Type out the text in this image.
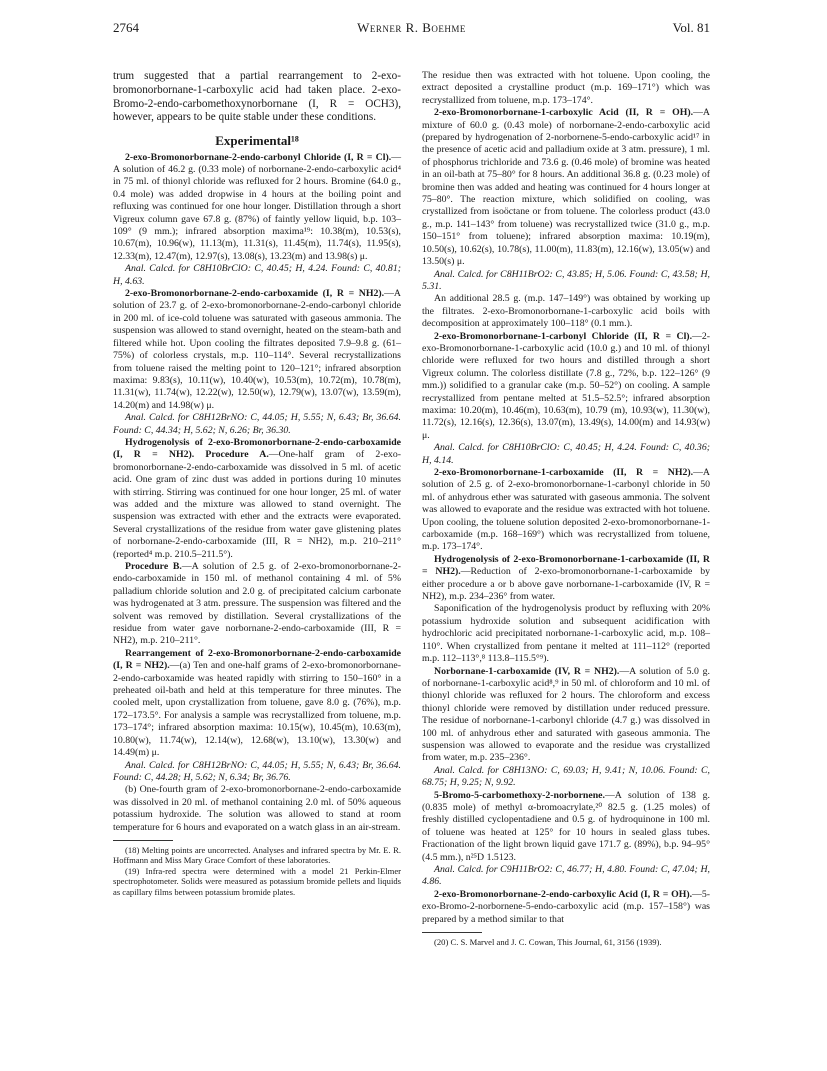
2764	Werner R. Boehme	Vol. 81

trum suggested that a partial rearrangement to 2-exo-bromonorbornane-1-carboxylic acid had taken place. 2-exo-Bromo-2-endo-carbomethoxynorbornane (I, R = OCH3), however, appears to be quite stable under these conditions.

Experimental¹⁸

2-exo-Bromonorbornane-2-endo-carbonyl Chloride (I, R = Cl).—A solution of 46.2 g. (0.33 mole) of norbornane-2-endo-carboxylic acid⁴ in 75 ml. of thionyl chloride was refluxed for 2 hours. Bromine (64.0 g., 0.4 mole) was added dropwise in 4 hours at the boiling point and refluxing was continued for one hour longer. Distillation through a short Vigreux column gave 67.8 g. (87%) of faintly yellow liquid, b.p. 103–109° (9 mm.); infrared absorption maxima¹⁹: 10.38(m), 10.53(s), 10.67(m), 10.96(w), 11.13(m), 11.31(s), 11.45(m), 11.74(s), 11.95(s), 12.33(m), 12.47(m), 12.97(s), 13.08(s), 13.23(m) and 13.98(s) μ.

Anal. Calcd. for C8H10BrClO: C, 40.45; H, 4.24. Found: C, 40.81; H, 4.63.

2-exo-Bromonorbornane-2-endo-carboxamide (I, R = NH2).—A solution of 23.7 g. of 2-exo-bromonorbornane-2-endo-carbonyl chloride in 200 ml. of ice-cold toluene was saturated with gaseous ammonia. The suspension was allowed to stand overnight, heated on the steam-bath and filtered while hot. Upon cooling the filtrates deposited 7.9–9.8 g. (61–75%) of colorless crystals, m.p. 110–114°. Several recrystallizations from toluene raised the melting point to 120–121°; infrared absorption maxima: 9.83(s), 10.11(w), 10.40(w), 10.53(m), 10.72(m), 10.78(m), 11.31(w), 11.74(w), 12.22(w), 12.50(w), 12.79(w), 13.07(w), 13.59(m), 14.20(m) and 14.98(w) μ.

Anal. Calcd. for C8H12BrNO: C, 44.05; H, 5.55; N, 6.43; Br, 36.64. Found: C, 44.34; H, 5.62; N, 6.26; Br, 36.30.

Hydrogenolysis of 2-exo-Bromonorbornane-2-endo-carboxamide (I, R = NH2). Procedure A.—One-half gram of 2-exo-bromonorbornane-2-endo-carboxamide was dissolved in 5 ml. of acetic acid. One gram of zinc dust was added in portions during 10 minutes with stirring. Stirring was continued for one hour longer, 25 ml. of water was added and the mixture was allowed to stand overnight. The suspension was extracted with ether and the extracts were evaporated. Several crystallizations of the residue from water gave glistening plates of norbornane-2-endo-carboxamide (III, R = NH2), m.p. 210–211° (reported⁴ m.p. 210.5–211.5°).

Procedure B.—A solution of 2.5 g. of 2-exo-bromonorbornane-2-endo-carboxamide in 150 ml. of methanol containing 4 ml. of 5% palladium chloride solution and 2.0 g. of precipitated calcium carbonate was hydrogenated at 3 atm. pressure. The suspension was filtered and the solvent was removed by distillation. Several crystallizations of the residue from water gave norbornane-2-endo-carboxamide (III, R = NH2), m.p. 210–211°.

Rearrangement of 2-exo-Bromonorbornane-2-endo-carboxamide (I, R = NH2).—(a) Ten and one-half grams of 2-exo-bromonorbornane-2-endo-carboxamide was heated rapidly with stirring to 150–160° in a preheated oil-bath and held at this temperature for three minutes. The cooled melt, upon crystallization from toluene, gave 8.0 g. (76%), m.p. 172–173.5°. For analysis a sample was recrystallized from toluene, m.p. 173–174°; infrared absorption maxima: 10.15(w), 10.45(m), 10.63(m), 10.80(w), 11.74(w), 12.14(w), 12.68(w), 13.10(w), 13.30(w) and 14.49(m) μ.

Anal. Calcd. for C8H12BrNO: C, 44.05; H, 5.55; N, 6.43; Br, 36.64. Found: C, 44.28; H, 5.62; N, 6.34; Br, 36.76.

(b) One-fourth gram of 2-exo-bromonorbornane-2-endo-carboxamide was dissolved in 20 ml. of methanol containing 2.0 ml. of 50% aqueous potassium hydroxide. The solution was allowed to stand at room temperature for 6 hours and evaporated on a watch glass in an air-stream.

(18) Melting points are uncorrected. Analyses and infrared spectra by Mr. E. R. Hoffmann and Miss Mary Grace Comfort of these laboratories.

(19) Infra-red spectra were determined with a model 21 Perkin-Elmer spectrophotometer. Solids were measured as potassium bromide pellets and liquids as capillary films between potassium bromide plates.

The residue then was extracted with hot toluene. Upon cooling, the extract deposited a crystalline product (m.p. 169–171°) which was recrystallized from toluene, m.p. 173–174°.

2-exo-Bromonorbornane-1-carboxylic Acid (II, R = OH).—A mixture of 60.0 g. (0.43 mole) of norbornane-2-endo-carboxylic acid (prepared by hydrogenation of 2-norbornene-5-endo-carboxylic acid¹⁷ in the presence of acetic acid and palladium oxide at 3 atm. pressure), 1 ml. of phosphorus trichloride and 73.6 g. (0.46 mole) of bromine was heated in an oil-bath at 75–80° for 8 hours. An additional 36.8 g. (0.23 mole) of bromine then was added and heating was continued for 4 hours longer at 75–80°. The reaction mixture, which solidified on cooling, was crystallized from isoöctane or from toluene. The colorless product (43.0 g., m.p. 141–143° from toluene) was recrystallized twice (31.0 g., m.p. 150–151° from toluene); infrared absorption maxima: 10.19(m), 10.50(s), 10.62(s), 10.78(s), 11.00(m), 11.83(m), 12.16(w), 13.05(w) and 13.50(s) μ.

Anal. Calcd. for C8H11BrO2: C, 43.85; H, 5.06. Found: C, 43.58; H, 5.31.

An additional 28.5 g. (m.p. 147–149°) was obtained by working up the filtrates. 2-exo-Bromonorbornane-1-carboxylic acid boils with decomposition at approximately 100–118° (0.1 mm.).

2-exo-Bromonorbornane-1-carbonyl Chloride (II, R = Cl).—2-exo-Bromonorbornane-1-carboxylic acid (10.0 g.) and 10 ml. of thionyl chloride were refluxed for two hours and distilled through a short Vigreux column. The colorless distillate (7.8 g., 72%, b.p. 122–126° (9 mm.)) solidified to a granular cake (m.p. 50–52°) on cooling. A sample recrystallized from pentane melted at 51.5–52.5°; infrared absorption maxima: 10.20(m), 10.46(m), 10.63(m), 10.79 (m), 10.93(w), 11.30(w), 11.72(s), 12.16(s), 12.36(s), 13.07(m), 13.49(s), 14.00(m) and 14.93(w) μ.

Anal. Calcd. for C8H10BrClO: C, 40.45; H, 4.24. Found: C, 40.36; H, 4.14.

2-exo-Bromonorbornane-1-carboxamide (II, R = NH2).—A solution of 2.5 g. of 2-exo-bromonorbornane-1-carbonyl chloride in 50 ml. of anhydrous ether was saturated with gaseous ammonia. The solvent was allowed to evaporate and the residue was extracted with hot toluene. Upon cooling, the toluene solution deposited 2-exo-bromonorbornane-1-carboxamide (m.p. 168–169°) which was recrystallized from toluene, m.p. 173–174°.

Hydrogenolysis of 2-exo-Bromonorbornane-1-carboxamide (II, R = NH2).—Reduction of 2-exo-bromonorbornane-1-carboxamide by either procedure a or b above gave norbornane-1-carboxamide (IV, R = NH2), m.p. 234–236° from water.

Saponification of the hydrogenolysis product by refluxing with 20% potassium hydroxide solution and subsequent acidification with hydrochloric acid precipitated norbornane-1-carboxylic acid, m.p. 108–110°. When crystallized from pentane it melted at 111–112° (reported m.p. 112–113°,⁸ 113.8–115.5°⁹).

Norbornane-1-carboxamide (IV, R = NH2).—A solution of 5.0 g. of norbornane-1-carboxylic acid⁸,⁹ in 50 ml. of chloroform and 10 ml. of thionyl chloride was refluxed for 2 hours. The chloroform and excess thionyl chloride were removed by distillation under reduced pressure. The residue of norbornane-1-carbonyl chloride (4.7 g.) was dissolved in 100 ml. of anhydrous ether and saturated with gaseous ammonia. The suspension was allowed to evaporate and the residue was crystallized from water, m.p. 235–236°.

Anal. Calcd. for C8H13NO: C, 69.03; H, 9.41; N, 10.06. Found: C, 68.75; H, 9.25; N, 9.92.

5-Bromo-5-carbomethoxy-2-norbornene.—A solution of 138 g. (0.835 mole) of methyl α-bromoacrylate,²⁰ 82.5 g. (1.25 moles) of freshly distilled cyclopentadiene and 0.5 g. of hydroquinone in 100 ml. of toluene was heated at 125° for 10 hours in sealed glass tubes. Fractionation of the light brown liquid gave 171.7 g. (89%), b.p. 94–95° (4.5 mm.), n²⁵D 1.5123.

Anal. Calcd. for C9H11BrO2: C, 46.77; H, 4.80. Found: C, 47.04; H, 4.86.

2-exo-Bromonorbornane-2-endo-carboxylic Acid (I, R = OH).—5-exo-Bromo-2-norbornene-5-endo-carboxylic acid (m.p. 157–158°) was prepared by a method similar to that

(20) C. S. Marvel and J. C. Cowan, This Journal, 61, 3156 (1939).
